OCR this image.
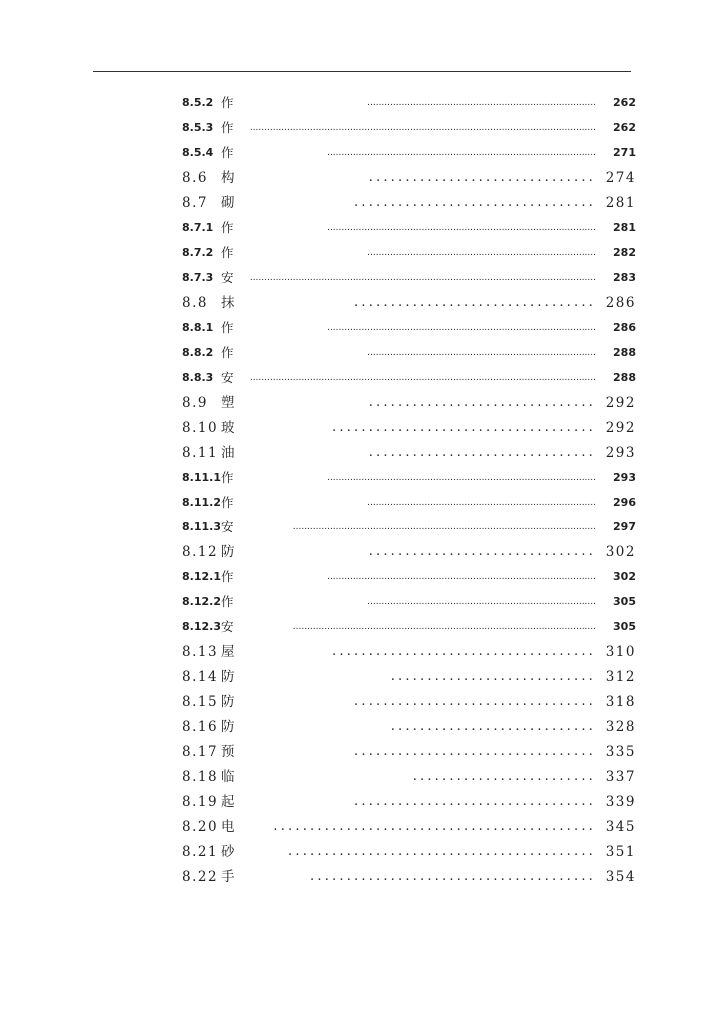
8.5.2 作	................................................................................	262
8.5.3 作	.........................................................................................................................	262
8.5.4 作	..............................................................................................	271
8.6 构	............................... 274
8.7 砌	................................. 281
8.7.1 作	..............................................................................................	281
8.7.2 作	................................................................................	282
8.7.3 安	.........................................................................................................................	283
8.8 抹	................................. 286
8.8.1 作	..............................................................................................	286
8.8.2 作	................................................................................	288
8.8.3 安	.........................................................................................................................	288
8.9 塑	............................... 292
8.10 玻	.................................... 292
8.11 油	............................... 293
8.11.1 作	..............................................................................................	293
8.11.2 作	................................................................................	296
8.11.3 安	..........................................................................................................	297
8.12 防	............................... 302
8.12.1 作	..............................................................................................	302
8.12.2 作	................................................................................	305
8.12.3 安	..........................................................................................................	305
8.13 屋	.................................... 310
8.14 防	............................ 312
8.15 防	................................. 318
8.16 防	............................ 328
8.17 预	................................. 335
8.18 临	......................... 337
8.19 起	................................. 339
8.20 电	............................................ 345
8.21 砂	.......................................... 351
8.22 手	....................................... 354
